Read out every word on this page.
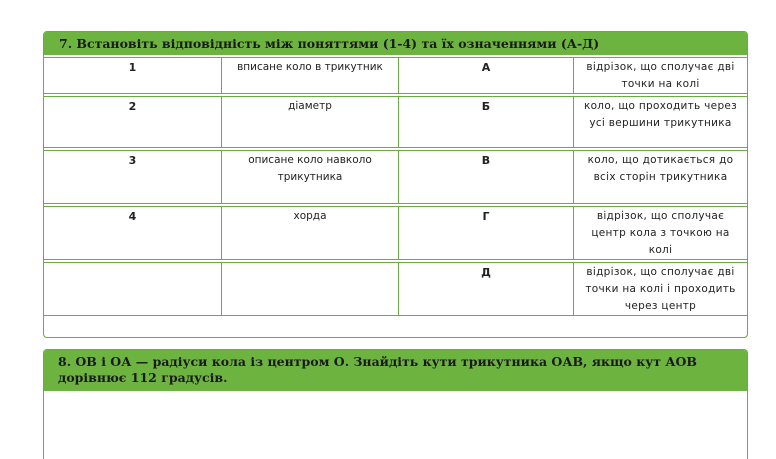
7. Встановіть відповідність між поняттями (1-4) та їх означеннями (А-Д)
1	вписане коло в трикутник	А	відрізок, що сполучає дві точки на колі
2	діаметр	Б	коло, що проходить через усі вершини трикутника
3	описане коло навколо трикутника	В	коло, що дотикається до всіх сторін трикутника
4	хорда	Г	відрізок, що сполучає центр кола з точкою на колі
		Д	відрізок, що сполучає дві точки на колі і проходить через центр
8. ОВ і ОА — радіуси кола із центром О. Знайдіть кути трикутника ОАВ, якщо кут АОВ дорівнює 112 градусів.
